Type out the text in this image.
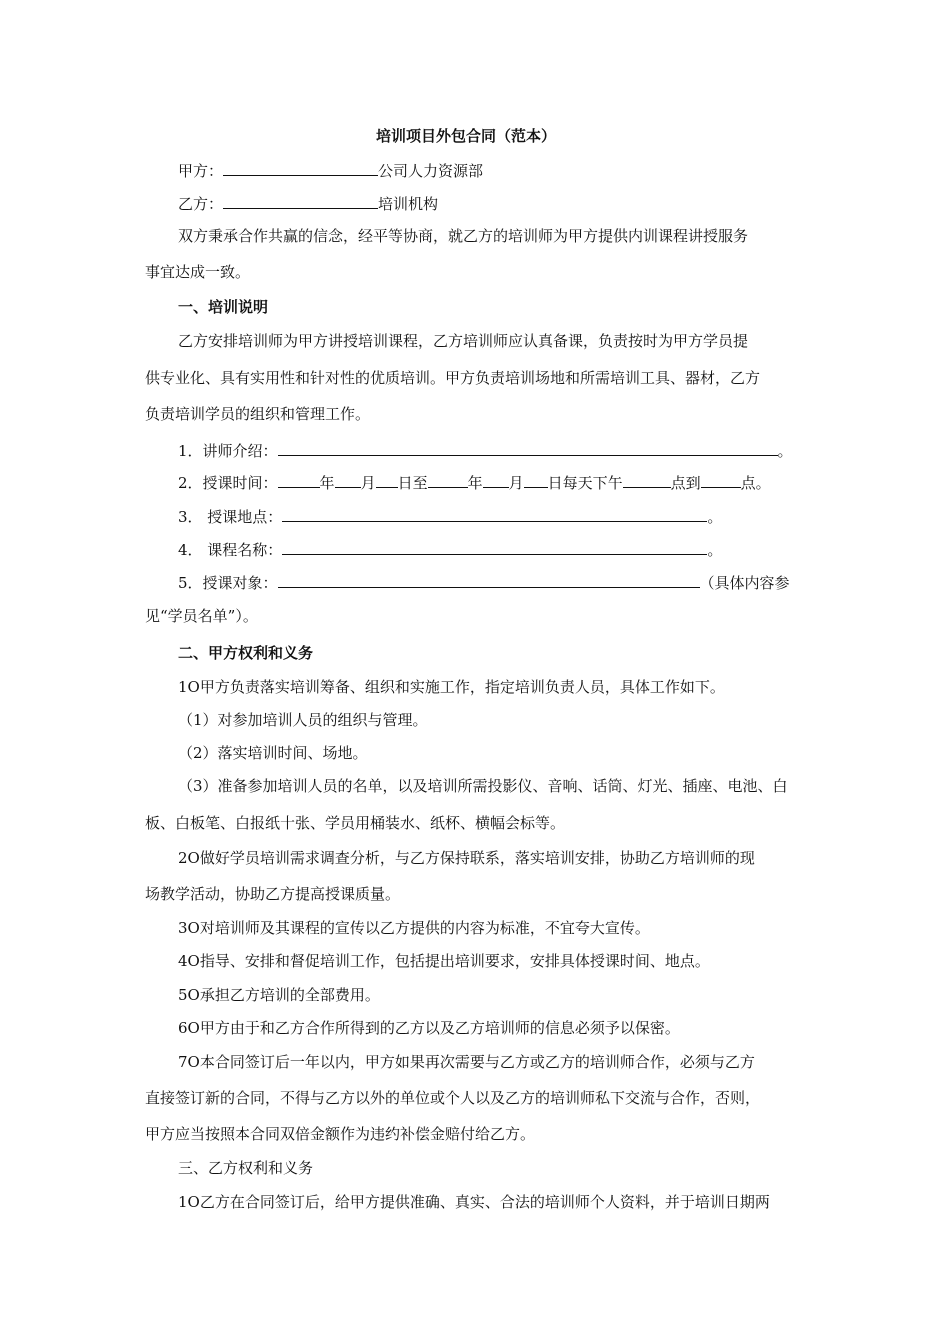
培训项目外包合同（范本）
甲方：	公司人力资源部
乙方：	培训机构
双方秉承合作共赢的信念，经平等协商，就乙方的培训师为甲方提供内训课程讲授服务
事宜达成一致。
一、培训说明
乙方安排培训师为甲方讲授培训课程，乙方培训师应认真备课，负责按时为甲方学员提
供专业化、具有实用性和针对性的优质培训。甲方负责培训场地和所需培训工具、器材，乙方
负责培训学员的组织和管理工作。
1．讲师介绍：	。
2．授课时间：	年 月 日至	年 月 日每天下午	点到	点。
3． 授课地点：	。
4． 课程名称：	。
5．授课对象：	（具体内容参
见“学员名单”）。
二、甲方权利和义务
1О甲方负责落实培训筹备、组织和实施工作，指定培训负责人员，具体工作如下。
（1）对参加培训人员的组织与管理。
（2）落实培训时间、场地。
（3）准备参加培训人员的名单，以及培训所需投影仪、音响、话筒、灯光、插座、电池、白
板、白板笔、白报纸十张、学员用桶装水、纸杯、横幅会标等。
2О做好学员培训需求调查分析，与乙方保持联系，落实培训安排，协助乙方培训师的现
场教学活动，协助乙方提高授课质量。
3О对培训师及其课程的宣传以乙方提供的内容为标准，不宜夸大宣传。
4О指导、安排和督促培训工作，包括提出培训要求，安排具体授课时间、地点。
5О承担乙方培训的全部费用。
6О甲方由于和乙方合作所得到的乙方以及乙方培训师的信息必须予以保密。
7О本合同签订后一年以内，甲方如果再次需要与乙方或乙方的培训师合作，必须与乙方
直接签订新的合同，不得与乙方以外的单位或个人以及乙方的培训师私下交流与合作，否则，
甲方应当按照本合同双倍金额作为违约补偿金赔付给乙方。
三、乙方权利和义务
1О乙方在合同签订后，给甲方提供准确、真实、合法的培训师个人资料，并于培训日期两
